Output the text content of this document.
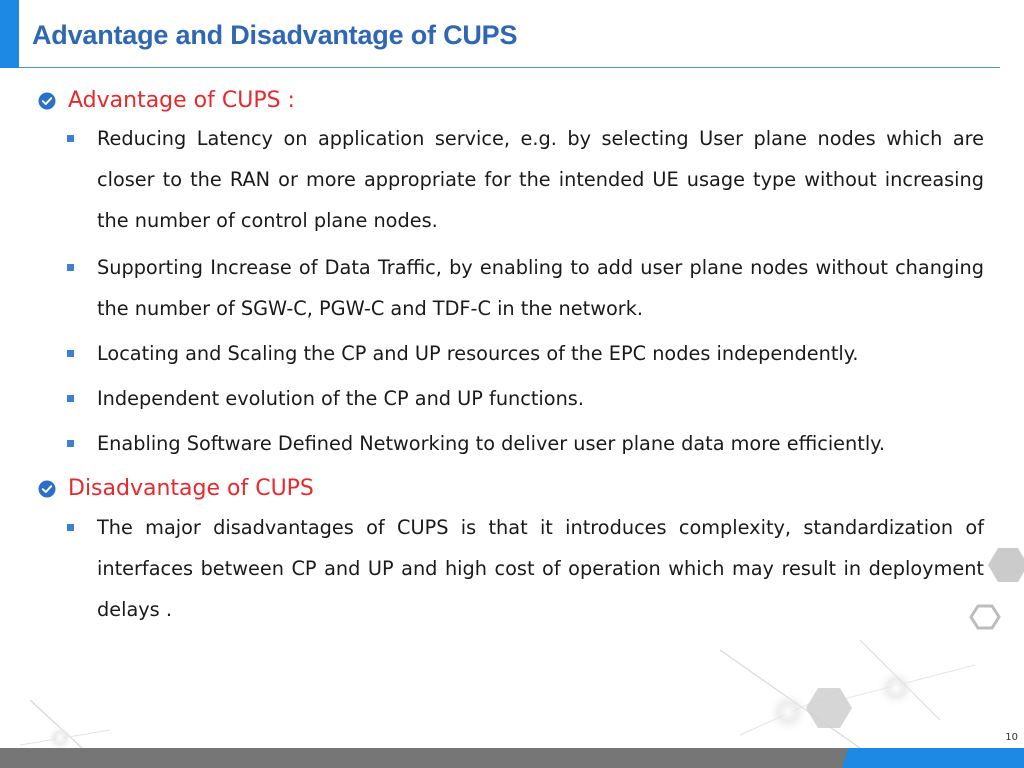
Advantage and Disadvantage of CUPS
Advantage of CUPS :
Reducing Latency on application service, e.g. by selecting User plane nodes which are closer to the RAN or more appropriate for the intended UE usage type without increasing the number of control plane nodes.
Supporting Increase of Data Traffic, by enabling to add user plane nodes without changing the number of SGW-C, PGW-C and TDF-C in the network.
Locating and Scaling the CP and UP resources of the EPC nodes independently.
Independent evolution of the CP and UP functions.
Enabling Software Defined Networking to deliver user plane data more efficiently.
Disadvantage of CUPS
The major disadvantages of CUPS is that it introduces complexity, standardization of interfaces between CP and UP and high cost of operation which may result in deployment delays .
10
